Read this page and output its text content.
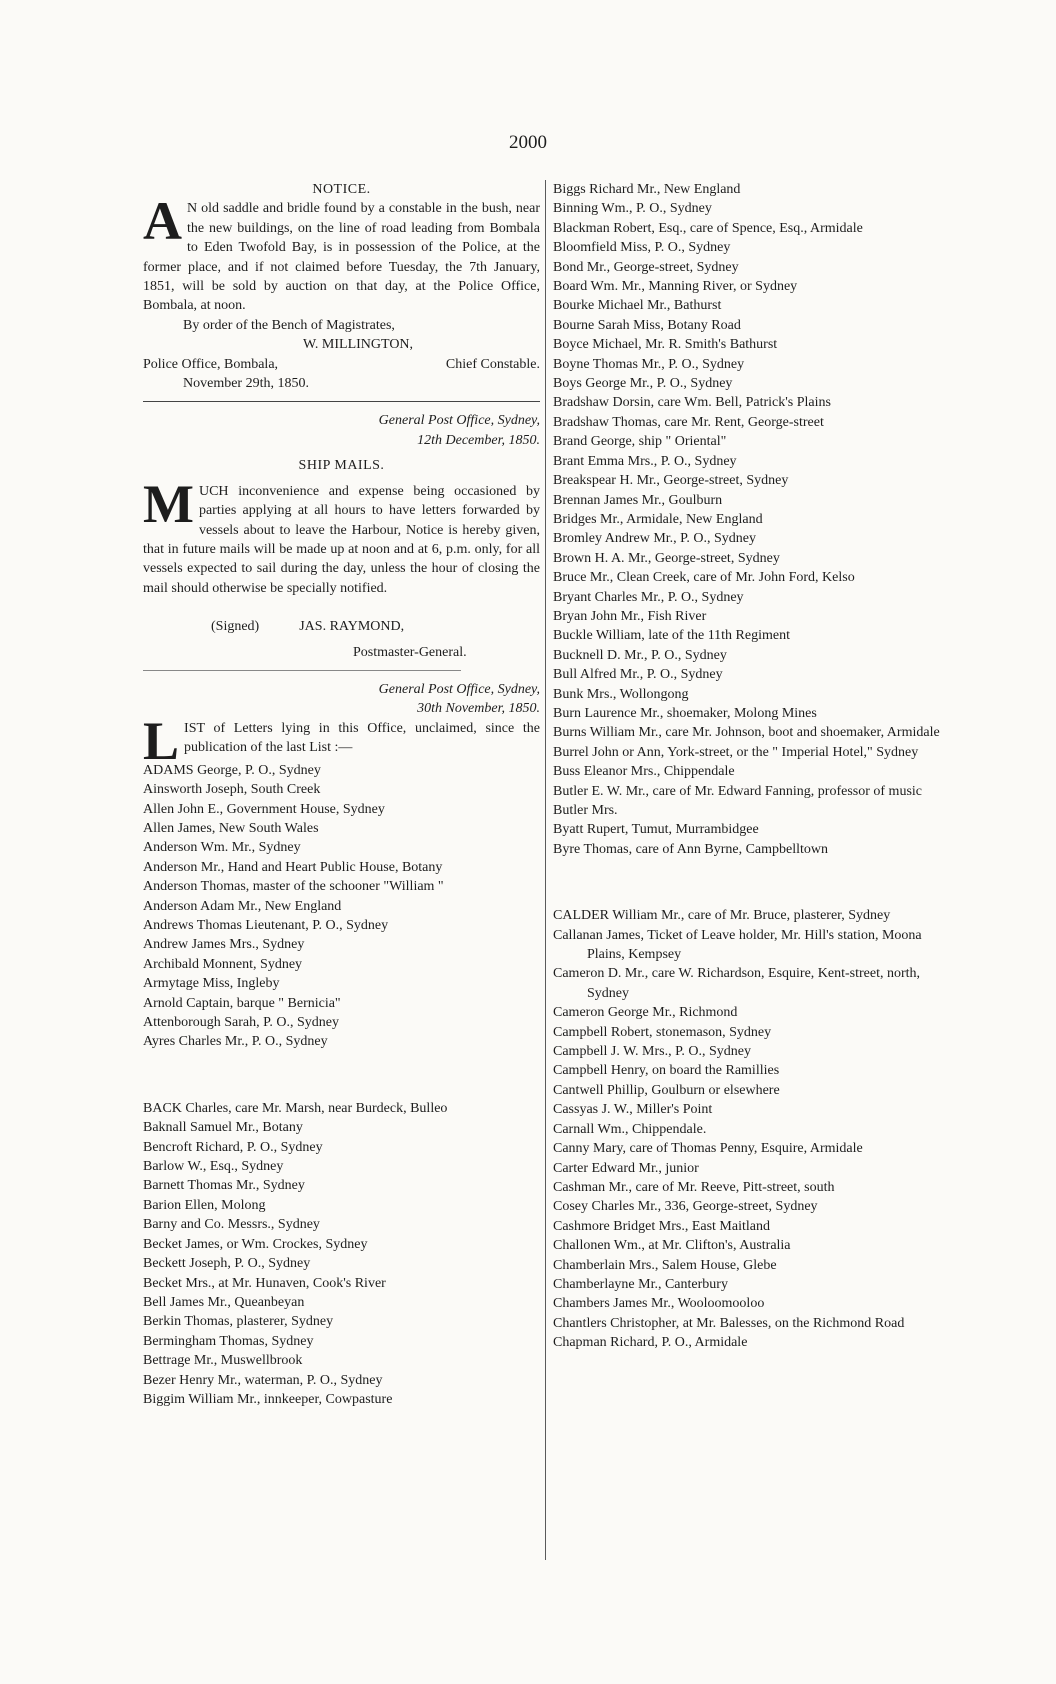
2000

NOTICE.

A N old saddle and bridle found by a constable in the bush, near the new buildings, on the line of road leading from Bombala to Eden Twofold Bay, is in possession of the Police, at the former place, and if not claimed before Tuesday, the 7th January, 1851, will be sold by auction on that day, at the Police Office, Bombala, at noon.

By order of the Bench of Magistrates,
W. MILLINGTON,
Police Office, Bombala,	Chief Constable.
November 29th, 1850.
General Post Office, Sydney,
12th December, 1850.

SHIP MAILS.

MUCH inconvenience and expense being occasioned by parties applying at all hours to have letters forwarded by vessels about to leave the Harbour, Notice is hereby given, that in future mails will be made up at noon and at 6, p.m. only, for all vessels expected to sail during the day, unless the hour of closing the mail should otherwise be specially notified.

(Signed)	JAS. RAYMOND,
Postmaster-General.
General Post Office, Sydney,
30th November, 1850.

LIST of Letters lying in this Office, unclaimed, since the publication of the last List :—

ADAMS George, P. O., Sydney

Ainsworth Joseph, South Creek

Allen John E., Government House, Sydney

Allen James, New South Wales

Anderson Wm. Mr., Sydney

Anderson Mr., Hand and Heart Public House, Botany

Anderson Thomas, master of the schooner "William "

Anderson Adam Mr., New England

Andrews Thomas Lieutenant, P. O., Sydney

Andrew James Mrs., Sydney

Archibald Monnent, Sydney

Armytage Miss, Ingleby

Arnold Captain, barque " Bernicia"

Attenborough Sarah, P. O., Sydney

Ayres Charles Mr., P. O., Sydney

BACK Charles, care Mr. Marsh, near Burdeck, Bulleo

Baknall Samuel Mr., Botany

Bencroft Richard, P. O., Sydney

Barlow W., Esq., Sydney

Barnett Thomas Mr., Sydney

Barion Ellen, Molong

Barny and Co. Messrs., Sydney

Becket James, or Wm. Crockes, Sydney

Beckett Joseph, P. O., Sydney

Becket Mrs., at Mr. Hunaven, Cook's River

Bell James Mr., Queanbeyan

Berkin Thomas, plasterer, Sydney

Bermingham Thomas, Sydney

Bettrage Mr., Muswellbrook

Bezer Henry Mr., waterman, P. O., Sydney

Biggim William Mr., innkeeper, Cowpasture

Biggs Richard Mr., New England

Binning Wm., P. O., Sydney

Blackman Robert, Esq., care of Spence, Esq., Armidale

Bloomfield Miss, P. O., Sydney

Bond Mr., George-street, Sydney

Board Wm. Mr., Manning River, or Sydney

Bourke Michael Mr., Bathurst

Bourne Sarah Miss, Botany Road

Boyce Michael, Mr. R. Smith's Bathurst

Boyne Thomas Mr., P. O., Sydney

Boys George Mr., P. O., Sydney

Bradshaw Dorsin, care Wm. Bell, Patrick's Plains

Bradshaw Thomas, care Mr. Rent, George-street

Brand George, ship " Oriental"

Brant Emma Mrs., P. O., Sydney

Breakspear H. Mr., George-street, Sydney

Brennan James Mr., Goulburn

Bridges Mr., Armidale, New England

Bromley Andrew Mr., P. O., Sydney

Brown H. A. Mr., George-street, Sydney

Bruce Mr., Clean Creek, care of Mr. John Ford, Kelso

Bryant Charles Mr., P. O., Sydney

Bryan John Mr., Fish River

Buckle William, late of the 11th Regiment

Bucknell D. Mr., P. O., Sydney

Bull Alfred Mr., P. O., Sydney

Bunk Mrs., Wollongong

Burn Laurence Mr., shoemaker, Molong Mines

Burns William Mr., care Mr. Johnson, boot and shoemaker, Armidale

Burrel John or Ann, York-street, or the " Imperial Hotel," Sydney

Buss Eleanor Mrs., Chippendale

Butler E. W. Mr., care of Mr. Edward Fanning, professor of music

Butler Mrs.

Byatt Rupert, Tumut, Murrambidgee

Byre Thomas, care of Ann Byrne, Campbelltown

CALDER William Mr., care of Mr. Bruce, plasterer, Sydney

Callanan James, Ticket of Leave holder, Mr. Hill's station, Moona Plains, Kempsey

Cameron D. Mr., care W. Richardson, Esquire, Kent-street, north, Sydney

Cameron George Mr., Richmond

Campbell Robert, stonemason, Sydney

Campbell J. W. Mrs., P. O., Sydney

Campbell Henry, on board the Ramillies

Cantwell Phillip, Goulburn or elsewhere

Cassyas J. W., Miller's Point

Carnall Wm., Chippendale.

Canny Mary, care of Thomas Penny, Esquire, Armidale

Carter Edward Mr., junior

Cashman Mr., care of Mr. Reeve, Pitt-street, south

Cosey Charles Mr., 336, George-street, Sydney

Cashmore Bridget Mrs., East Maitland

Challonen Wm., at Mr. Clifton's, Australia

Chamberlain Mrs., Salem House, Glebe

Chamberlayne Mr., Canterbury

Chambers James Mr., Wooloomooloo

Chantlers Christopher, at Mr. Balesses, on the Richmond Road

Chapman Richard, P. O., Armidale
